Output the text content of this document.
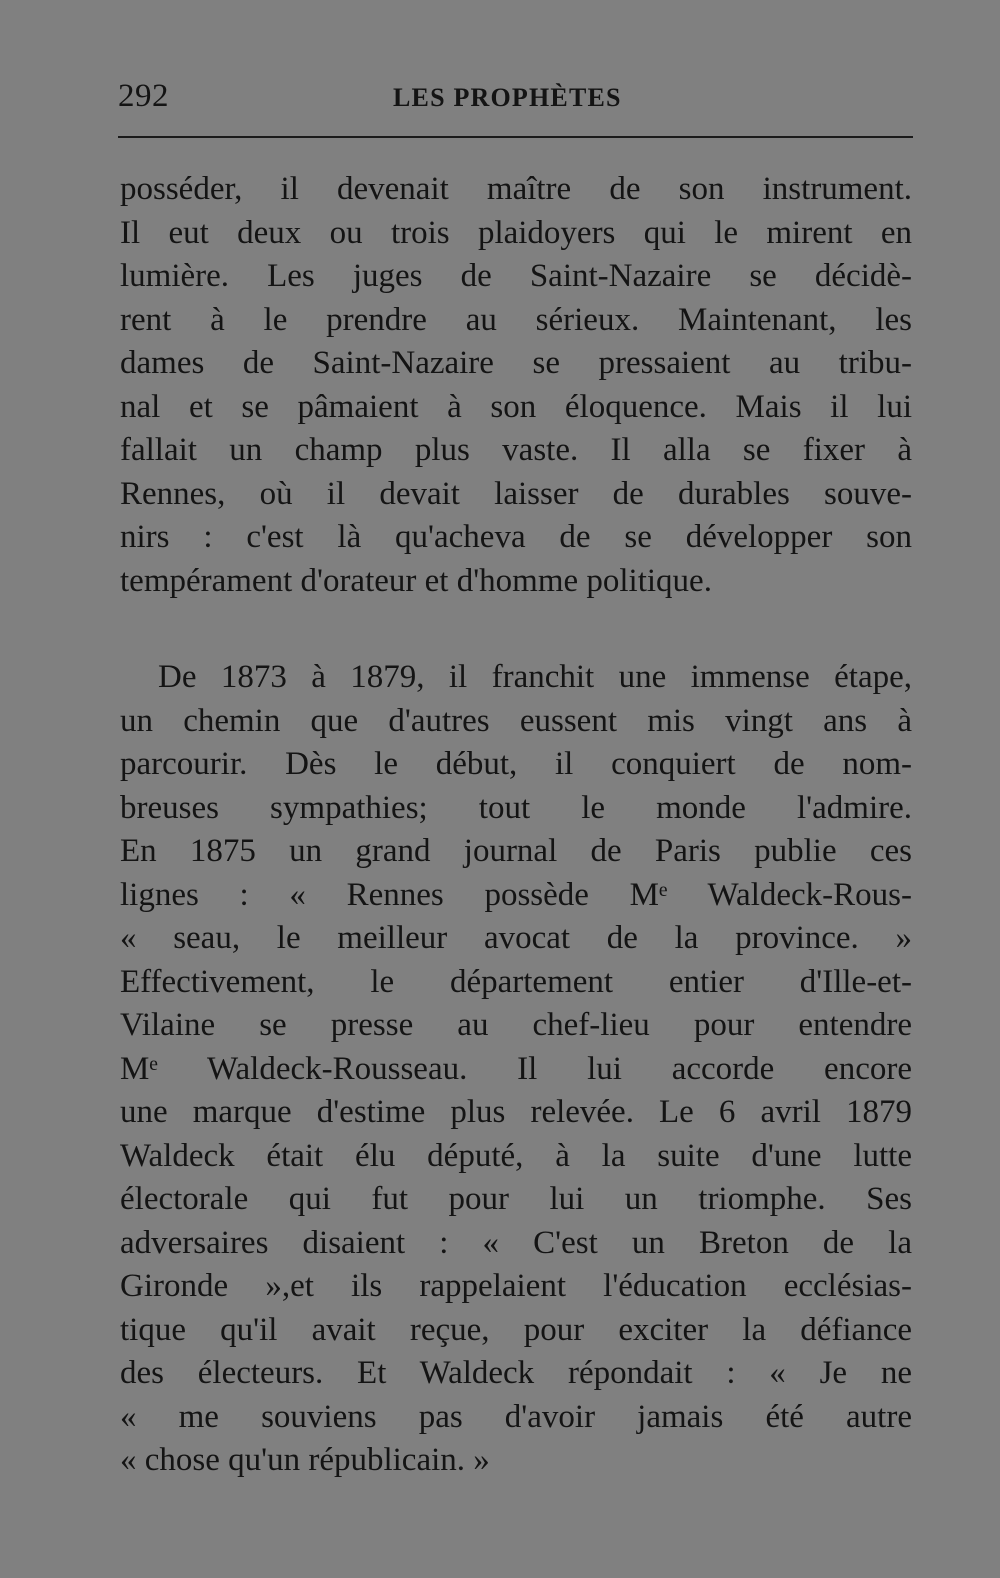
292	LES PROPHÈTES
posséder, il devenait maître de son instrument.
Il eut deux ou trois plaidoyers qui le mirent en
lumière. Les juges de Saint-Nazaire se décidè-
rent à le prendre au sérieux. Maintenant, les
dames de Saint-Nazaire se pressaient au tribu-
nal et se pâmaient à son éloquence. Mais il lui
fallait un champ plus vaste. Il alla se fixer à
Rennes, où il devait laisser de durables souve-
nirs : c'est là qu'acheva de se développer son
tempérament d'orateur et d'homme politique.
De 1873 à 1879, il franchit une immense étape,
un chemin que d'autres eussent mis vingt ans à
parcourir. Dès le début, il conquiert de nom-
breuses sympathies; tout le monde l'admire.
En 1875 un grand journal de Paris publie ces
lignes : « Rennes possède Mᵉ Waldeck-Rous-
« seau, le meilleur avocat de la province. »
Effectivement, le département entier d'Ille-et-
Vilaine se presse au chef-lieu pour entendre
Mᵉ Waldeck-Rousseau. Il lui accorde encore
une marque d'estime plus relevée. Le 6 avril 1879
Waldeck était élu député, à la suite d'une lutte
électorale qui fut pour lui un triomphe. Ses
adversaires disaient : « C'est un Breton de la
Gironde »,et ils rappelaient l'éducation ecclésias-
tique qu'il avait reçue, pour exciter la défiance
des électeurs. Et Waldeck répondait : « Je ne
« me souviens pas d'avoir jamais été autre
« chose qu'un républicain. »
